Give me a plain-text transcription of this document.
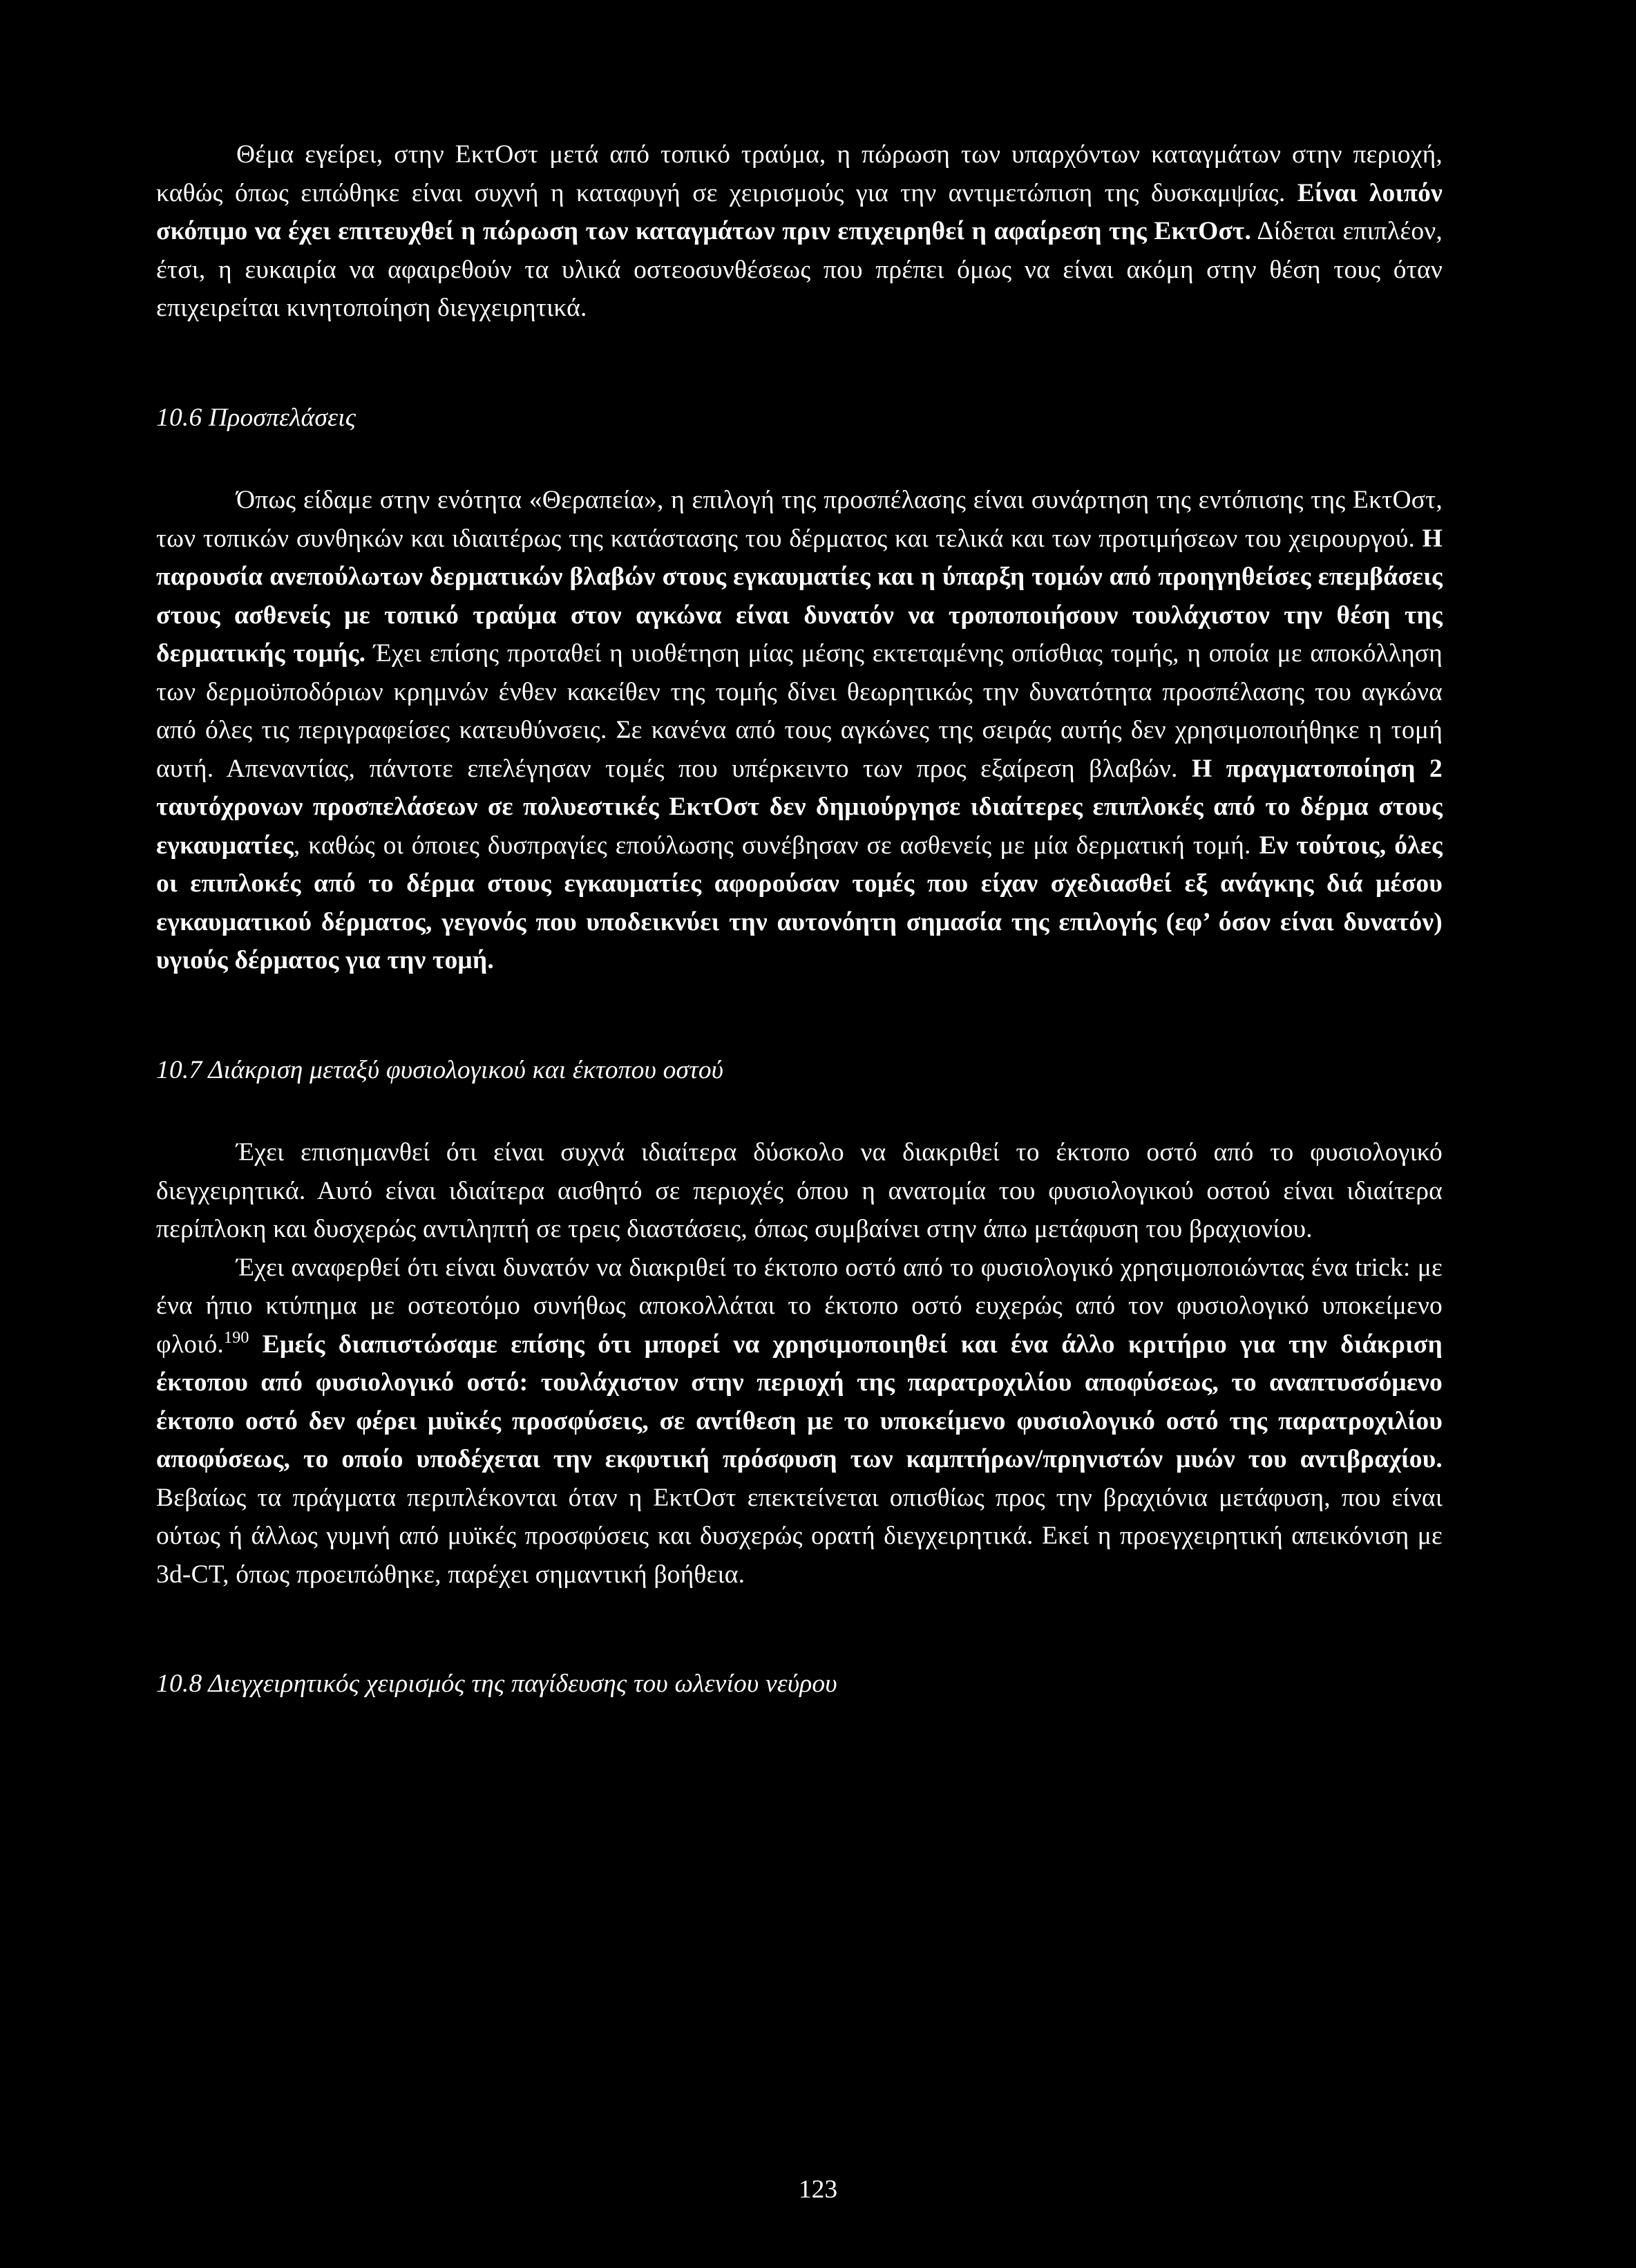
Θέμα εγείρει, στην ΕκτΟστ μετά από τοπικό τραύμα, η πώρωση των υπαρχόντων καταγμάτων στην περιοχή, καθώς όπως ειπώθηκε είναι συχνή η καταφυγή σε χειρισμούς για την αντιμετώπιση της δυσκαμψίας. Είναι λοιπόν σκόπιμο να έχει επιτευχθεί η πώρωση των καταγμάτων πριν επιχειρηθεί η αφαίρεση της ΕκτΟστ. Δίδεται επιπλέον, έτσι, η ευκαιρία να αφαιρεθούν τα υλικά οστεοσυνθέσεως που πρέπει όμως να είναι ακόμη στην θέση τους όταν επιχειρείται κινητοποίηση διεγχειρητικά.

10.6 Προσπελάσεις

Όπως είδαμε στην ενότητα «Θεραπεία», η επιλογή της προσπέλασης είναι συνάρτηση της εντόπισης της ΕκτΟστ, των τοπικών συνθηκών και ιδιαιτέρως της κατάστασης του δέρματος και τελικά και των προτιμήσεων του χειρουργού. Η παρουσία ανεπούλωτων δερματικών βλαβών στους εγκαυματίες και η ύπαρξη τομών από προηγηθείσες επεμβάσεις στους ασθενείς με τοπικό τραύμα στον αγκώνα είναι δυνατόν να τροποποιήσουν τουλάχιστον την θέση της δερματικής τομής. Έχει επίσης προταθεί η υιοθέτηση μίας μέσης εκτεταμένης οπίσθιας τομής, η οποία με αποκόλληση των δερμοϋποδόριων κρημνών ένθεν κακείθεν της τομής δίνει θεωρητικώς την δυνατότητα προσπέλασης του αγκώνα από όλες τις περιγραφείσες κατευθύνσεις. Σε κανένα από τους αγκώνες της σειράς αυτής δεν χρησιμοποιήθηκε η τομή αυτή. Απεναντίας, πάντοτε επελέγησαν τομές που υπέρκειντο των προς εξαίρεση βλαβών. Η πραγματοποίηση 2 ταυτόχρονων προσπελάσεων σε πολυεστικές ΕκτΟστ δεν δημιούργησε ιδιαίτερες επιπλοκές από το δέρμα στους εγκαυματίες, καθώς οι όποιες δυσπραγίες επούλωσης συνέβησαν σε ασθενείς με μία δερματική τομή. Εν τούτοις, όλες οι επιπλοκές από το δέρμα στους εγκαυματίες αφορούσαν τομές που είχαν σχεδιασθεί εξ ανάγκης διά μέσου εγκαυματικού δέρματος, γεγονός που υποδεικνύει την αυτονόητη σημασία της επιλογής (εφ’ όσον είναι δυνατόν) υγιούς δέρματος για την τομή.

10.7 Διάκριση μεταξύ φυσιολογικού και έκτοπου οστού

Έχει επισημανθεί ότι είναι συχνά ιδιαίτερα δύσκολο να διακριθεί το έκτοπο οστό από το φυσιολογικό διεγχειρητικά. Αυτό είναι ιδιαίτερα αισθητό σε περιοχές όπου η ανατομία του φυσιολογικού οστού είναι ιδιαίτερα περίπλοκη και δυσχερώς αντιληπτή σε τρεις διαστάσεις, όπως συμβαίνει στην άπω μετάφυση του βραχιονίου.

Έχει αναφερθεί ότι είναι δυνατόν να διακριθεί το έκτοπο οστό από το φυσιολογικό χρησιμοποιώντας ένα trick: με ένα ήπιο κτύπημα με οστεοτόμο συνήθως αποκολλάται το έκτοπο οστό ευχερώς από τον φυσιολογικό υποκείμενο φλοιό.$^{190}$ Εμείς διαπιστώσαμε επίσης ότι μπορεί να χρησιμοποιηθεί και ένα άλλο κριτήριο για την διάκριση έκτοπου από φυσιολογικό οστό: τουλάχιστον στην περιοχή της παρατροχιλίου αποφύσεως, το αναπτυσσόμενο έκτοπο οστό δεν φέρει μυϊκές προσφύσεις, σε αντίθεση με το υποκείμενο φυσιολογικό οστό της παρατροχιλίου αποφύσεως, το οποίο υποδέχεται την εκφυτική πρόσφυση των καμπτήρων/πρηνιστών μυών του αντιβραχίου. Βεβαίως τα πράγματα περιπλέκονται όταν η ΕκτΟστ επεκτείνεται οπισθίως προς την βραχιόνια μετάφυση, που είναι ούτως ή άλλως γυμνή από μυϊκές προσφύσεις και δυσχερώς ορατή διεγχειρητικά. Εκεί η προεγχειρητική απεικόνιση με 3d-CT, όπως προειπώθηκε, παρέχει σημαντική βοήθεια.

10.8 Διεγχειρητικός χειρισμός της παγίδευσης του ωλενίου νεύρου

123
